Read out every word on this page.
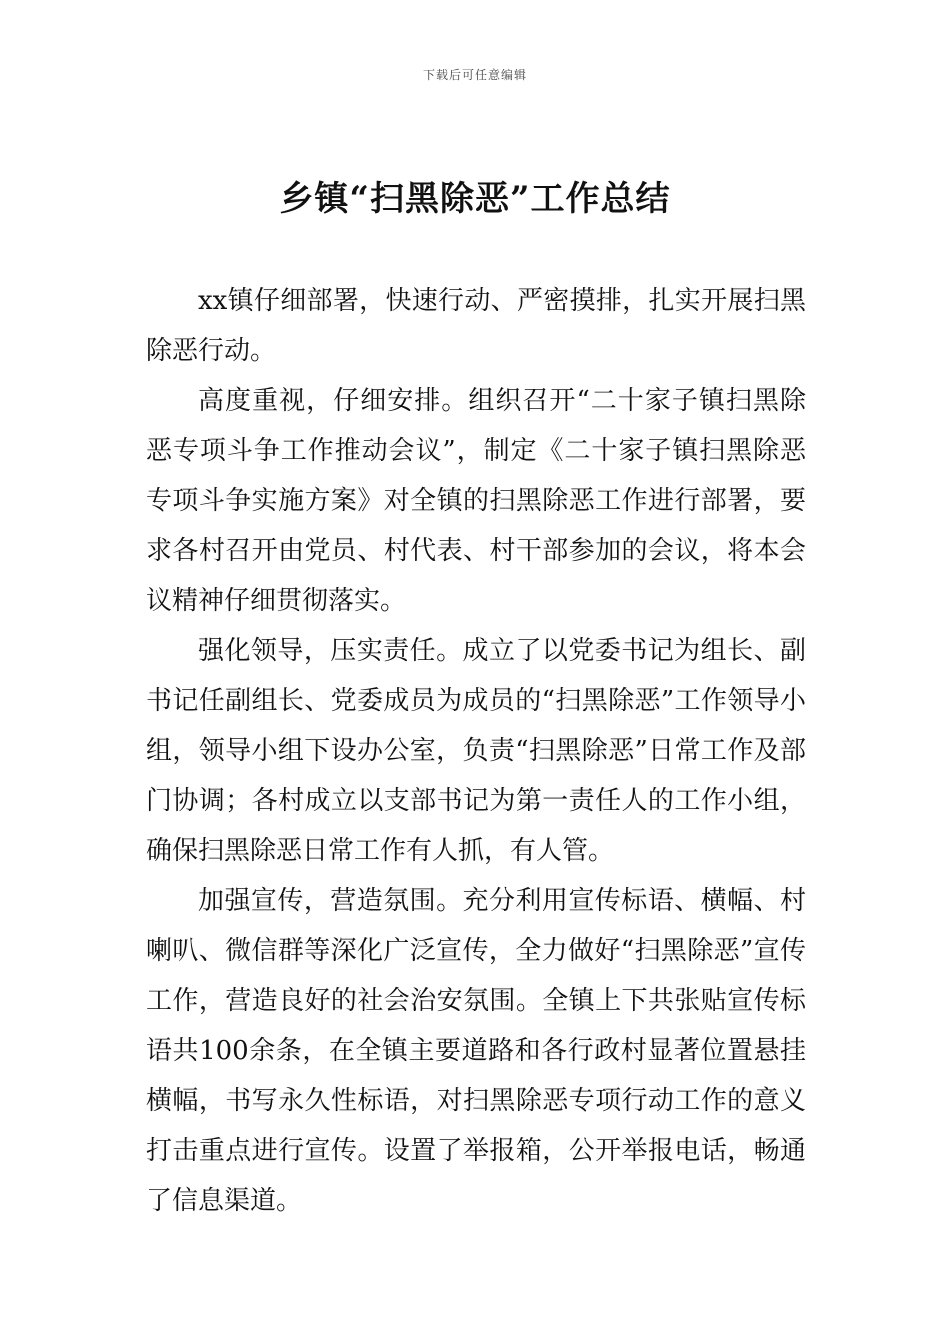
下载后可任意编辑
乡镇“扫黑除恶”工作总结

xx镇仔细部署，快速行动、严密摸排，扎实开展扫黑除恶行动。

高度重视，仔细安排。组织召开“二十家子镇扫黑除恶专项斗争工作推动会议”，制定《二十家子镇扫黑除恶专项斗争实施方案》对全镇的扫黑除恶工作进行部署，要求各村召开由党员、村代表、村干部参加的会议，将本会议精神仔细贯彻落实。

强化领导，压实责任。成立了以党委书记为组长、副书记任副组长、党委成员为成员的“扫黑除恶”工作领导小组，领导小组下设办公室，负责“扫黑除恶”日常工作及部门协调；各村成立以支部书记为第一责任人的工作小组，确保扫黑除恶日常工作有人抓，有人管。

加强宣传，营造氛围。充分利用宣传标语、横幅、村喇叭、微信群等深化广泛宣传，全力做好“扫黑除恶”宣传工作，营造良好的社会治安氛围。全镇上下共张贴宣传标语共100余条，在全镇主要道路和各行政村显著位置悬挂横幅，书写永久性标语，对扫黑除恶专项行动工作的意义打击重点进行宣传。设置了举报箱，公开举报电话，畅通了信息渠道。
